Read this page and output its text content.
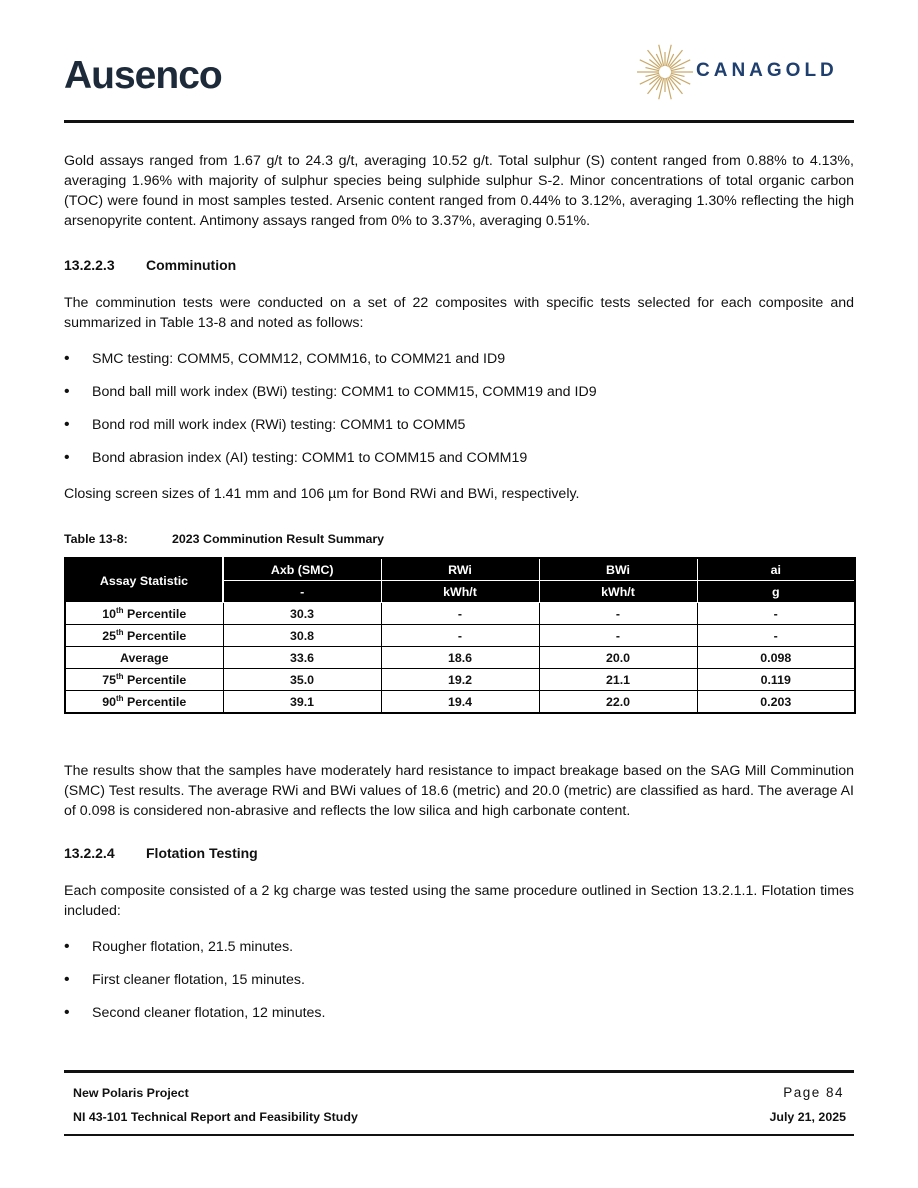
Ausenco	CANAGOLD

Gold assays ranged from 1.67 g/t to 24.3 g/t, averaging 10.52 g/t. Total sulphur (S) content ranged from 0.88% to 4.13%, averaging 1.96% with majority of sulphur species being sulphide sulphur S-2. Minor concentrations of total organic carbon (TOC) were found in most samples tested. Arsenic content ranged from 0.44% to 3.12%, averaging 1.30% reflecting the high arsenopyrite content. Antimony assays ranged from 0% to 3.37%, averaging 0.51%.

13.2.2.3 Comminution

The comminution tests were conducted on a set of 22 composites with specific tests selected for each composite and summarized in Table 13-8 and noted as follows:

• SMC testing: COMM5, COMM12, COMM16, to COMM21 and ID9
• Bond ball mill work index (BWi) testing: COMM1 to COMM15, COMM19 and ID9
• Bond rod mill work index (RWi) testing: COMM1 to COMM5
• Bond abrasion index (AI) testing: COMM1 to COMM15 and COMM19

Closing screen sizes of 1.41 mm and 106 µm for Bond RWi and BWi, respectively.

Table 13-8:	2023 Comminution Result Summary
Assay Statistic	Axb (SMC)	RWi	BWi	ai
	-	kWh/t	kWh/t	g
10th Percentile	30.3	-	-	-
25th Percentile	30.8	-	-	-
Average	33.6	18.6	20.0	0.098
75th Percentile	35.0	19.2	21.1	0.119
90th Percentile	39.1	19.4	22.0	0.203

The results show that the samples have moderately hard resistance to impact breakage based on the SAG Mill Comminution (SMC) Test results. The average RWi and BWi values of 18.6 (metric) and 20.0 (metric) are classified as hard. The average AI of 0.098 is considered non-abrasive and reflects the low silica and high carbonate content.

13.2.2.4 Flotation Testing

Each composite consisted of a 2 kg charge was tested using the same procedure outlined in Section 13.2.1.1. Flotation times included:

• Rougher flotation, 21.5 minutes.
• First cleaner flotation, 15 minutes.
• Second cleaner flotation, 12 minutes.
New Polaris Project
NI 43-101 Technical Report and Feasibility Study
Page 84
July 21, 2025
